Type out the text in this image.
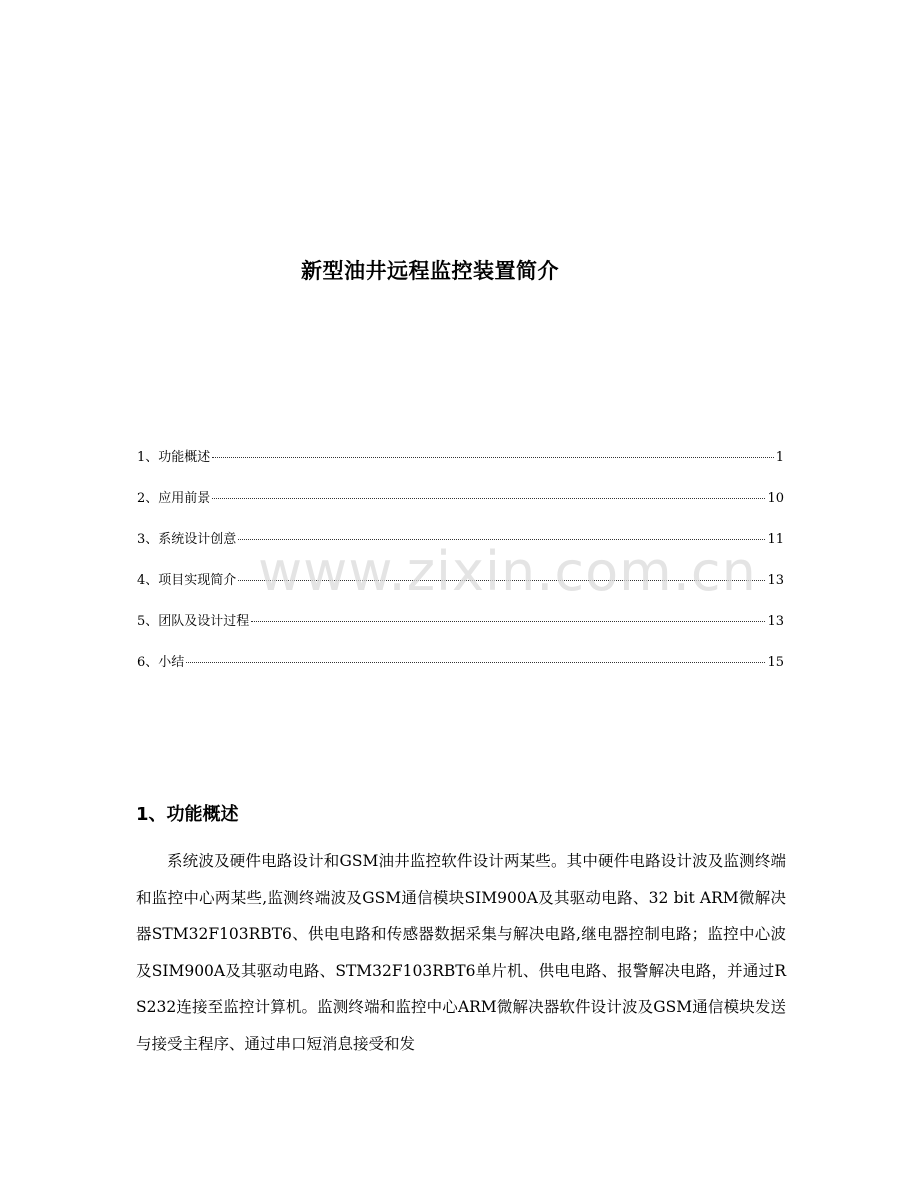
新型油井远程监控装置简介
1、功能概述	1
2、应用前景	10
3、系统设计创意	11
4、项目实现简介	13
5、团队及设计过程	13
6、小结	15
www.zixin.com.cn
1、功能概述
系统波及硬件电路设计和GSM油井监控软件设计两某些。其中硬件电路设计波及监测终端和监控中心两某些,监测终端波及GSM通信模块SIM900A及其驱动电路、32 bit ARM微解决器STM32F103RBT6、供电电路和传感器数据采集与解决电路,继电器控制电路；监控中心波及SIM900A及其驱动电路、STM32F103RBT6单片机、供电电路、报警解决电路，并通过RS232连接至监控计算机。监测终端和监控中心ARM微解决器软件设计波及GSM通信模块发送与接受主程序、通过串口短消息接受和发
